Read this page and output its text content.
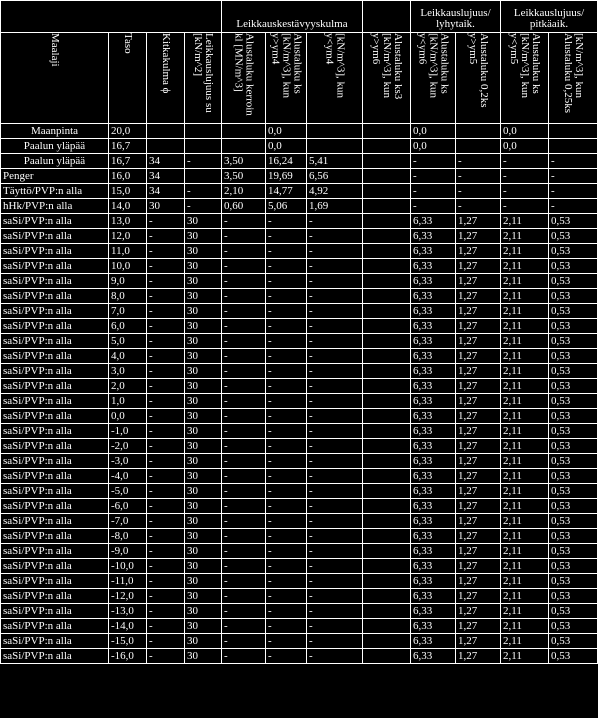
				Leikkauskestävyyskulma				Leikkauslujuus/ lyhytaik.		Leikkauslujuus/ pitkäaik.	

Maalaji	Taso	Kitkakulma ϕ	Leikkauslujuus su [kN/m^2]	Alustaluku kerroin kl [MN/m^3]	Alustaluku ks [kN/m^3], kun y>ym4	[kN/m^3], kun y<ym4	Alustaluku ks3 [kN/m^3], kun y>ym6	Alustaluku ks [kN/m^3], kun y<ym6	Alustaluku 0,2ks y>ym5	Alustaluku ks [kN/m^3], kun y<ym5	[kN/m^3], kun Alustaluku 0,25ks

Maanpinta	20,0				0,0			0,0		0,0	
Paalun yläpää	16,7				0,0			0,0		0,0	
Paalun yläpää	16,7	34	-	3,50	16,24	5,41		-	-	-	-
Penger	16,0	34		3,50	19,69	6,56		-	-	-	-
Täyttö/PVP:n alla	15,0	34	-	2,10	14,77	4,92		-	-	-	-
hHk/PVP:n alla	14,0	30	-	0,60	5,06	1,69		-	-	-	-
saSi/PVP:n alla	13,0	-	30	-	-	-		6,33	1,27	2,11	0,53
saSi/PVP:n alla	12,0	-	30	-	-	-		6,33	1,27	2,11	0,53
saSi/PVP:n alla	11,0	-	30	-	-	-		6,33	1,27	2,11	0,53
saSi/PVP:n alla	10,0	-	30	-	-	-		6,33	1,27	2,11	0,53
saSi/PVP:n alla	9,0	-	30	-	-	-		6,33	1,27	2,11	0,53
saSi/PVP:n alla	8,0	-	30	-	-	-		6,33	1,27	2,11	0,53
saSi/PVP:n alla	7,0	-	30	-	-	-		6,33	1,27	2,11	0,53
saSi/PVP:n alla	6,0	-	30	-	-	-		6,33	1,27	2,11	0,53
saSi/PVP:n alla	5,0	-	30	-	-	-		6,33	1,27	2,11	0,53
saSi/PVP:n alla	4,0	-	30	-	-	-		6,33	1,27	2,11	0,53
saSi/PVP:n alla	3,0	-	30	-	-	-		6,33	1,27	2,11	0,53
saSi/PVP:n alla	2,0	-	30	-	-	-		6,33	1,27	2,11	0,53
saSi/PVP:n alla	1,0	-	30	-	-	-		6,33	1,27	2,11	0,53
saSi/PVP:n alla	0,0	-	30	-	-	-		6,33	1,27	2,11	0,53
saSi/PVP:n alla	-1,0	-	30	-	-	-		6,33	1,27	2,11	0,53
saSi/PVP:n alla	-2,0	-	30	-	-	-		6,33	1,27	2,11	0,53
saSi/PVP:n alla	-3,0	-	30	-	-	-		6,33	1,27	2,11	0,53
saSi/PVP:n alla	-4,0	-	30	-	-	-		6,33	1,27	2,11	0,53
saSi/PVP:n alla	-5,0	-	30	-	-	-		6,33	1,27	2,11	0,53
saSi/PVP:n alla	-6,0	-	30	-	-	-		6,33	1,27	2,11	0,53
saSi/PVP:n alla	-7,0	-	30	-	-	-		6,33	1,27	2,11	0,53
saSi/PVP:n alla	-8,0	-	30	-	-	-		6,33	1,27	2,11	0,53
saSi/PVP:n alla	-9,0	-	30	-	-	-		6,33	1,27	2,11	0,53
saSi/PVP:n alla	-10,0	-	30	-	-	-		6,33	1,27	2,11	0,53
saSi/PVP:n alla	-11,0	-	30	-	-	-		6,33	1,27	2,11	0,53
saSi/PVP:n alla	-12,0	-	30	-	-	-		6,33	1,27	2,11	0,53
saSi/PVP:n alla	-13,0	-	30	-	-	-		6,33	1,27	2,11	0,53
saSi/PVP:n alla	-14,0	-	30	-	-	-		6,33	1,27	2,11	0,53
saSi/PVP:n alla	-15,0	-	30	-	-	-		6,33	1,27	2,11	0,53
saSi/PVP:n alla	-16,0	-	30	-	-	-		6,33	1,27	2,11	0,53
